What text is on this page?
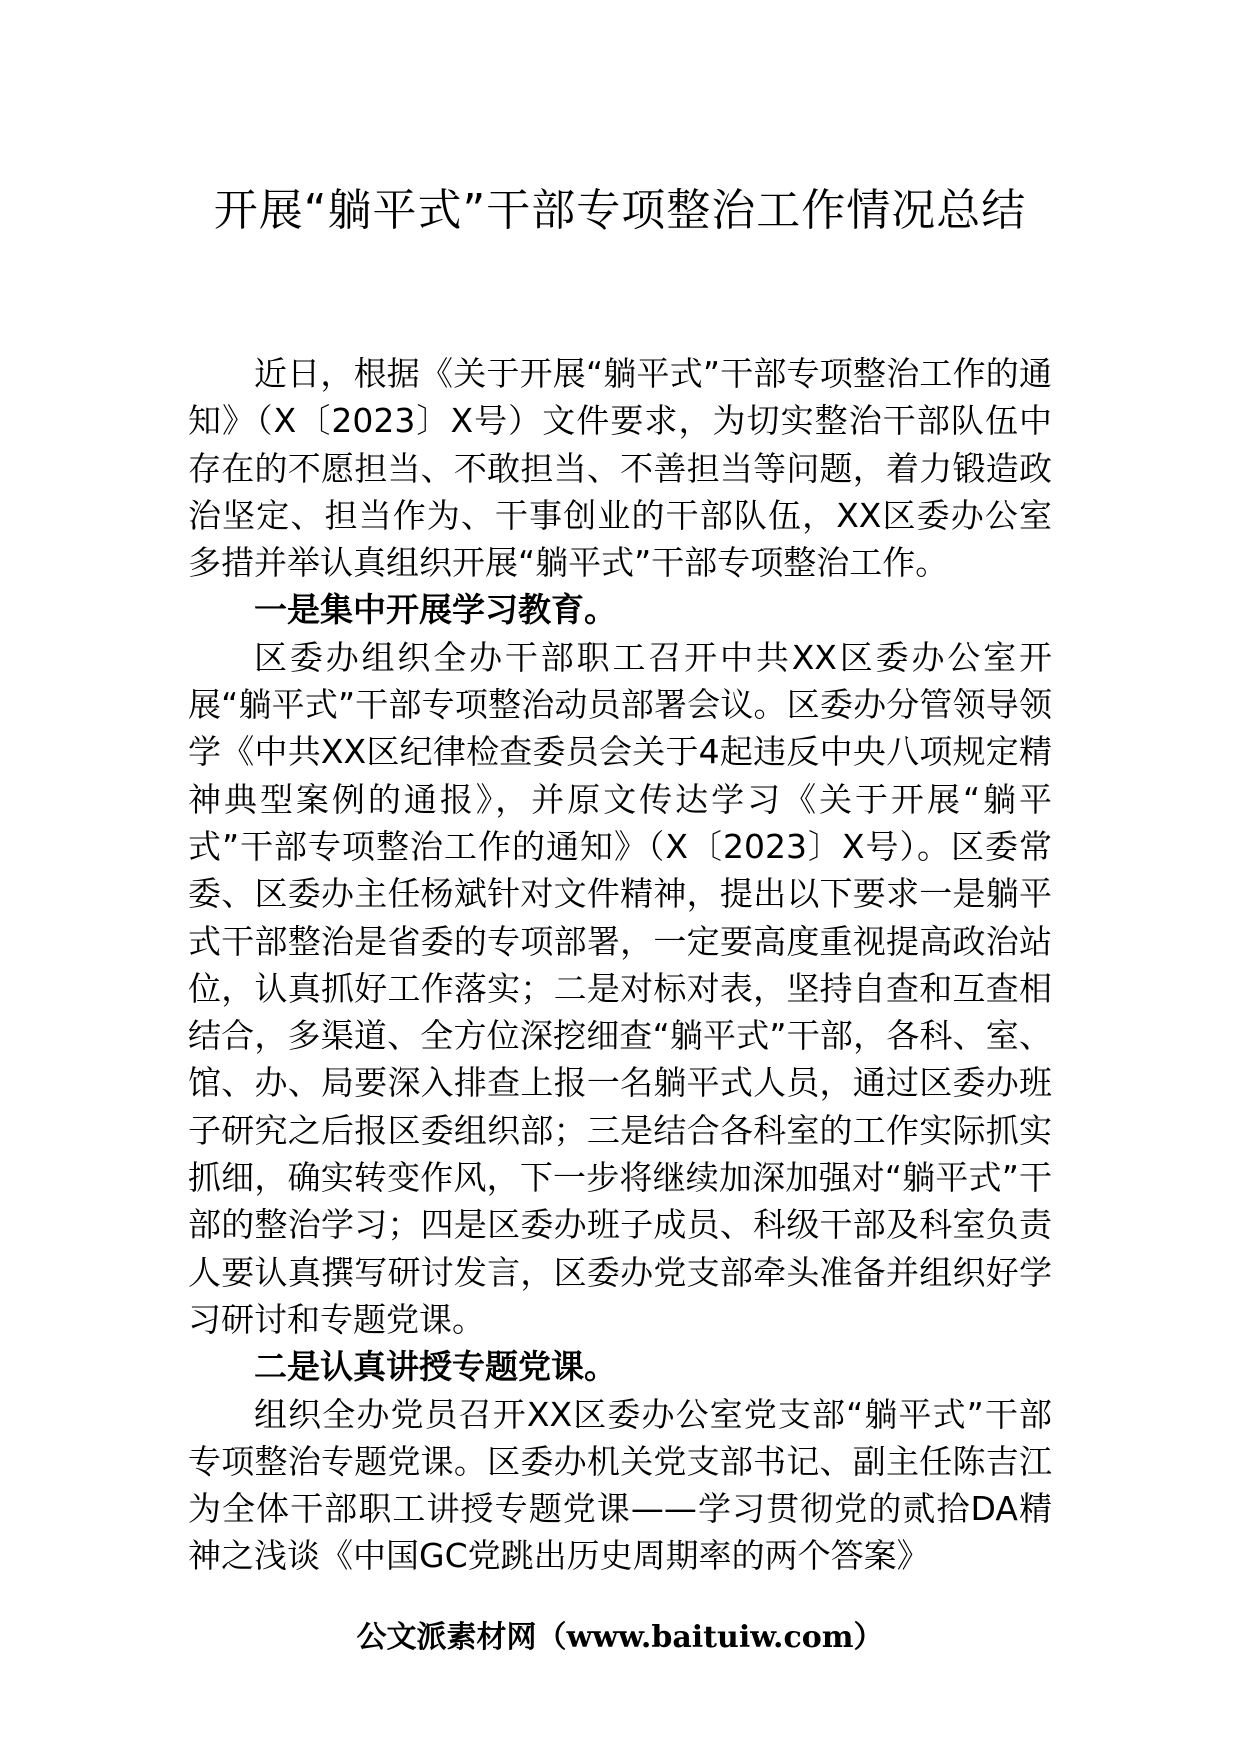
开展“躺平式”干部专项整治工作情况总结

近日，根据《关于开展“躺平式”干部专项整治工作的通知》（X〔2023〕X号）文件要求，为切实整治干部队伍中存在的不愿担当、不敢担当、不善担当等问题，着力锻造政治坚定、担当作为、干事创业的干部队伍，XX区委办公室多措并举认真组织开展“躺平式”干部专项整治工作。

一是集中开展学习教育。

区委办组织全办干部职工召开中共XX区委办公室开展“躺平式”干部专项整治动员部署会议。区委办分管领导领学《中共XX区纪律检查委员会关于4起违反中央八项规定精神典型案例的通报》，并原文传达学习《关于开展“躺平式”干部专项整治工作的通知》（X〔2023〕X号）。区委常委、区委办主任杨斌针对文件精神，提出以下要求一是躺平式干部整治是省委的专项部署，一定要高度重视提高政治站位，认真抓好工作落实；二是对标对表，坚持自查和互查相结合，多渠道、全方位深挖细查“躺平式”干部，各科、室、馆、办、局要深入排查上报一名躺平式人员，通过区委办班子研究之后报区委组织部；三是结合各科室的工作实际抓实抓细，确实转变作风，下一步将继续加深加强对“躺平式”干部的整治学习；四是区委办班子成员、科级干部及科室负责人要认真撰写研讨发言，区委办党支部牵头准备并组织好学习研讨和专题党课。

二是认真讲授专题党课。

组织全办党员召开XX区委办公室党支部“躺平式”干部专项整治专题党课。区委办机关党支部书记、副主任陈吉江为全体干部职工讲授专题党课——学习贯彻党的贰拾DA精神之浅谈《中国GC党跳出历史周期率的两个答案》

公文派素材网（www.baituiw.com）
